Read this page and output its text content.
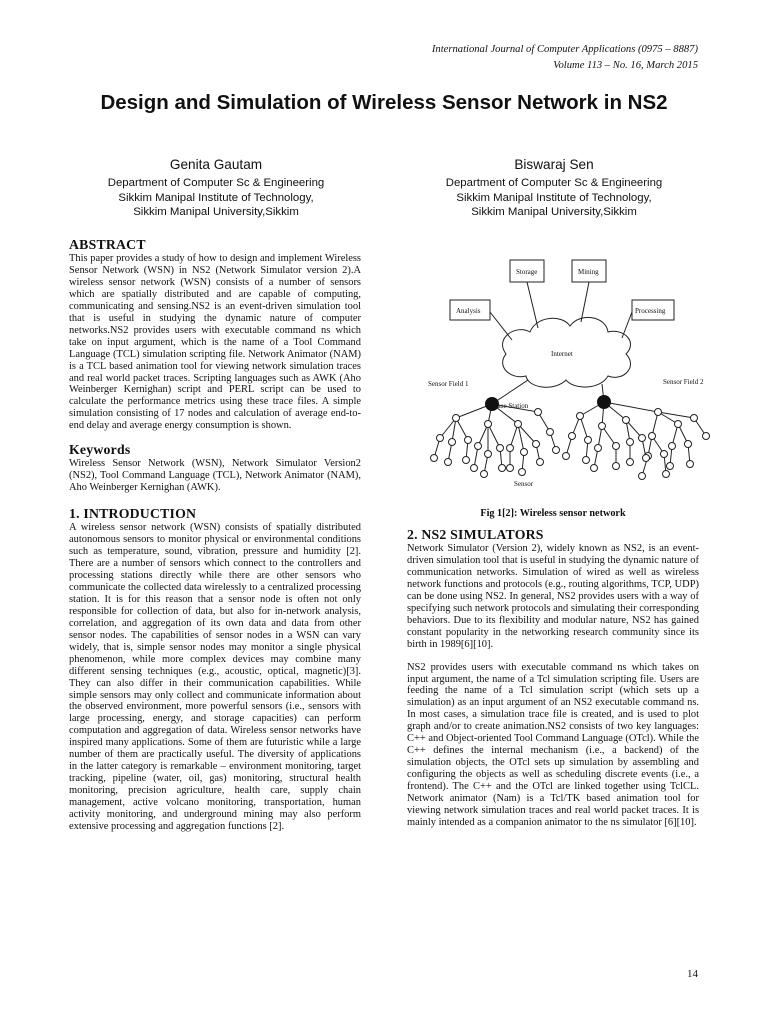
International Journal of Computer Applications (0975 – 8887)
Volume 113 – No. 16, March 2015
Design and Simulation of Wireless Sensor Network in NS2
Genita Gautam
Department of Computer Sc & Engineering
Sikkim Manipal Institute of Technology,
Sikkim Manipal University,Sikkim
Biswaraj Sen
Department of Computer Sc & Engineering
Sikkim Manipal Institute of Technology,
Sikkim Manipal University,Sikkim
ABSTRACT

This paper provides a study of how to design and implement Wireless Sensor Network (WSN) in NS2 (Network Simulator version 2).A wireless sensor network (WSN) consists of a number of sensors which are spatially distributed and are capable of computing, communicating and sensing.NS2 is an event-driven simulation tool that is useful in studying the dynamic nature of computer networks.NS2 provides users with executable command ns which take on input argument, which is the name of a Tool Command Language (TCL) simulation scripting file. Network Animator (NAM) is a TCL based animation tool for viewing network simulation traces and real world packet traces. Scripting languages such as AWK (Aho Weinberger Kernighan) script and PERL script can be used to calculate the performance metrics using these trace files. A simple simulation consisting of 17 nodes and calculation of average end-to-end delay and average energy consumption is shown.

Keywords

Wireless Sensor Network (WSN), Network Simulator Version2 (NS2), Tool Command Language (TCL), Network Animator (NAM), Aho Weinberger Kernighan (AWK).

1. INTRODUCTION

A wireless sensor network (WSN) consists of spatially distributed autonomous sensors to monitor physical or environmental conditions such as temperature, sound, vibration, pressure and humidity [2]. There are a number of sensors which connect to the controllers and processing stations directly while there are other sensors who communicate the collected data wirelessly to a centralized processing station. It is for this reason that a sensor node is often not only responsible for collection of data, but also for in-network analysis, correlation, and aggregation of its own data and data from other sensor nodes. The capabilities of sensor nodes in a WSN can vary widely, that is, simple sensor nodes may monitor a single physical phenomenon, while more complex devices may combine many different sensing techniques (e.g., acoustic, optical, magnetic)[3]. They can also differ in their communication capabilities. While simple sensors may only collect and communicate information about the observed environment, more powerful sensors (i.e., sensors with large processing, energy, and storage capacities) can perform computation and aggregation of data. Wireless sensor networks have inspired many applications. Some of them are futuristic while a large number of them are practically useful. The diversity of applications in the latter category is remarkable – environment monitoring, target tracking, pipeline (water, oil, gas) monitoring, structural health monitoring, precision agriculture, health care, supply chain management, active volcano monitoring, transportation, human activity monitoring, and underground mining may also perform extensive processing and aggregation functions [2].

Storage	Mining
Analysis	Processing
Internet
Sensor Field 1	Sensor Field 2
Base Station
Sensor
Fig 1[2]: Wireless sensor network
2. NS2 SIMULATORS

Network Simulator (Version 2), widely known as NS2, is an event- driven simulation tool that is useful in studying the dynamic nature of communication networks. Simulation of wired as well as wireless network functions and protocols (e.g., routing algorithms, TCP, UDP) can be done using NS2. In general, NS2 provides users with a way of specifying such network protocols and simulating their corresponding behaviors. Due to its flexibility and modular nature, NS2 has gained constant popularity in the networking research community since its birth in 1989[6][10].

NS2 provides users with executable command ns which takes on input argument, the name of a Tcl simulation scripting file. Users are feeding the name of a Tcl simulation script (which sets up a simulation) as an input argument of an NS2 executable command ns. In most cases, a simulation trace file is created, and is used to plot graph and/or to create animation.NS2 consists of two key languages: C++ and Object-oriented Tool Command Language (OTcl). While the C++ defines the internal mechanism (i.e., a backend) of the simulation objects, the OTcl sets up simulation by assembling and configuring the objects as well as scheduling discrete events (i.e., a frontend). The C++ and the OTcl are linked together using TclCL. Network animator (Nam) is a Tcl/TK based animation tool for viewing network simulation traces and real world packet traces. It is mainly intended as a companion animator to the ns simulator [6][10].

14
